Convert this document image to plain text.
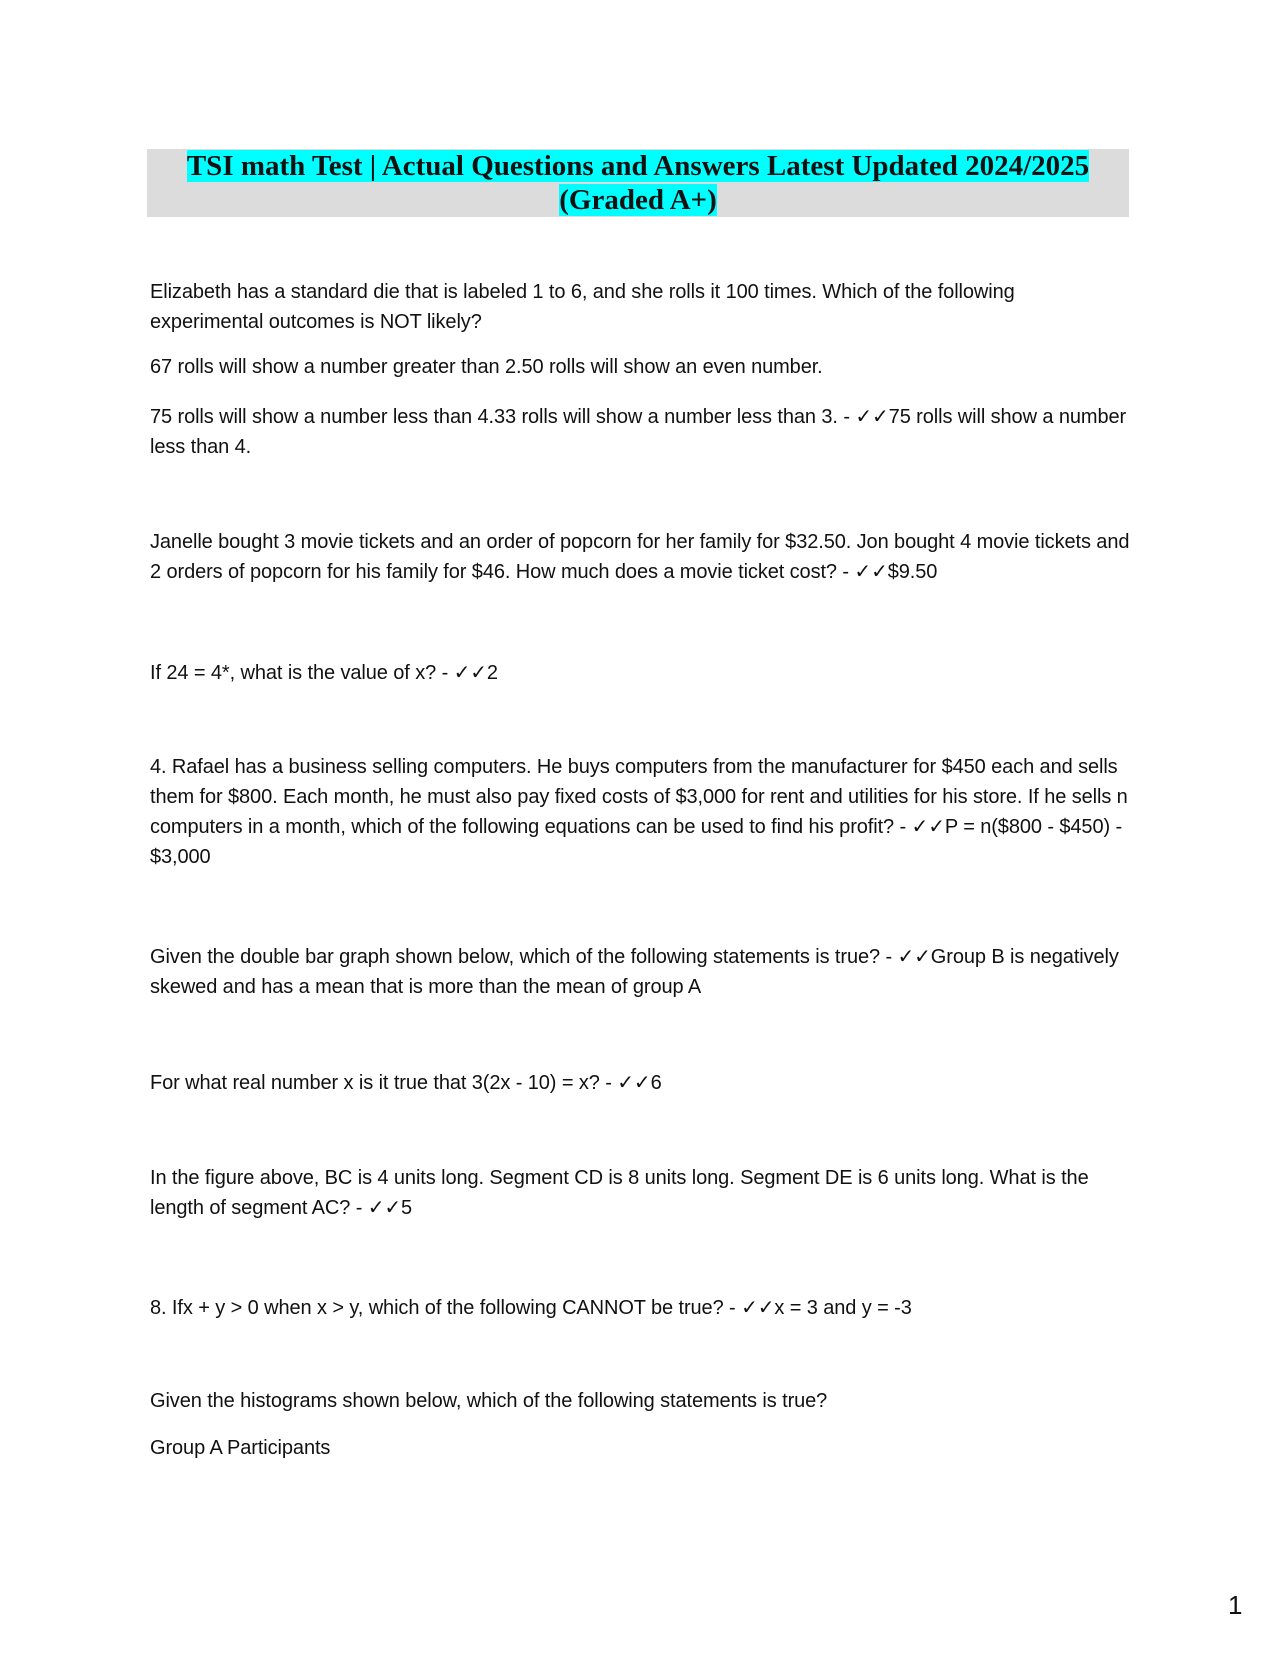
TSI math Test | Actual Questions and Answers Latest Updated 2024/2025
(Graded A+)

Elizabeth has a standard die that is labeled 1 to 6, and she rolls it 100 times. Which of the following experimental outcomes is NOT likely?

67 rolls will show a number greater than 2.50 rolls will show an even number.

75 rolls will show a number less than 4.33 rolls will show a number less than 3. - ✓✓75 rolls will show a number less than 4.

Janelle bought 3 movie tickets and an order of popcorn for her family for $32.50. Jon bought 4 movie tickets and 2 orders of popcorn for his family for $46. How much does a movie ticket cost? - ✓✓$9.50

If 24 = 4*, what is the value of x? - ✓✓2

4. Rafael has a business selling computers. He buys computers from the manufacturer for $450 each and sells them for $800. Each month, he must also pay fixed costs of $3,000 for rent and utilities for his store. If he sells n computers in a month, which of the following equations can be used to find his profit? - ✓✓P = n($800 - $450) - $3,000

Given the double bar graph shown below, which of the following statements is true? - ✓✓Group B is negatively skewed and has a mean that is more than the mean of group A

For what real number x is it true that 3(2x - 10) = x? - ✓✓6

In the figure above, BC is 4 units long. Segment CD is 8 units long. Segment DE is 6 units long. What is the length of segment AC? - ✓✓5

8. Ifx + y > 0 when x > y, which of the following CANNOT be true? - ✓✓x = 3 and y = -3

Given the histograms shown below, which of the following statements is true?

Group A Participants

1
